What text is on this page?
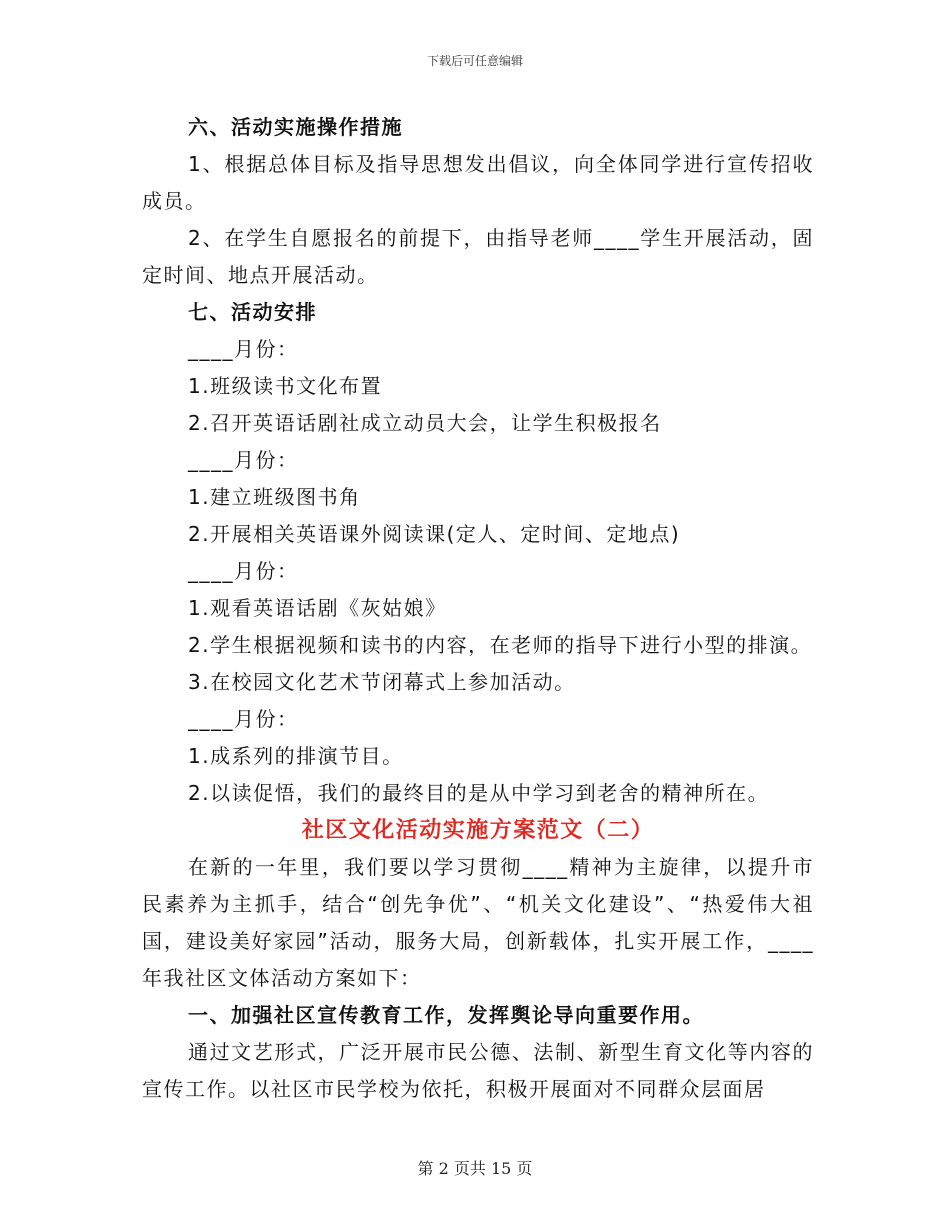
下载后可任意编辑

六、活动实施操作措施

1、根据总体目标及指导思想发出倡议，向全体同学进行宣传招收成员。

2、在学生自愿报名的前提下，由指导老师____学生开展活动，固定时间、地点开展活动。

七、活动安排

____月份：

1.班级读书文化布置

2.召开英语话剧社成立动员大会，让学生积极报名

____月份：

1.建立班级图书角

2.开展相关英语课外阅读课(定人、定时间、定地点)

____月份：

1.观看英语话剧《灰姑娘》

2.学生根据视频和读书的内容，在老师的指导下进行小型的排演。

3.在校园文化艺术节闭幕式上参加活动。

____月份：

1.成系列的排演节目。

2.以读促悟，我们的最终目的是从中学习到老舍的精神所在。

社区文化活动实施方案范文（二）

在新的一年里，我们要以学习贯彻____精神为主旋律，以提升市民素养为主抓手，结合“创先争优”、“机关文化建设”、“热爱伟大祖国，建设美好家园”活动，服务大局，创新载体，扎实开展工作，____年我社区文体活动方案如下：

一、加强社区宣传教育工作，发挥舆论导向重要作用。

通过文艺形式，广泛开展市民公德、法制、新型生育文化等内容的宣传工作。以社区市民学校为依托，积极开展面对不同群众层面居

第 2 页共 15 页
